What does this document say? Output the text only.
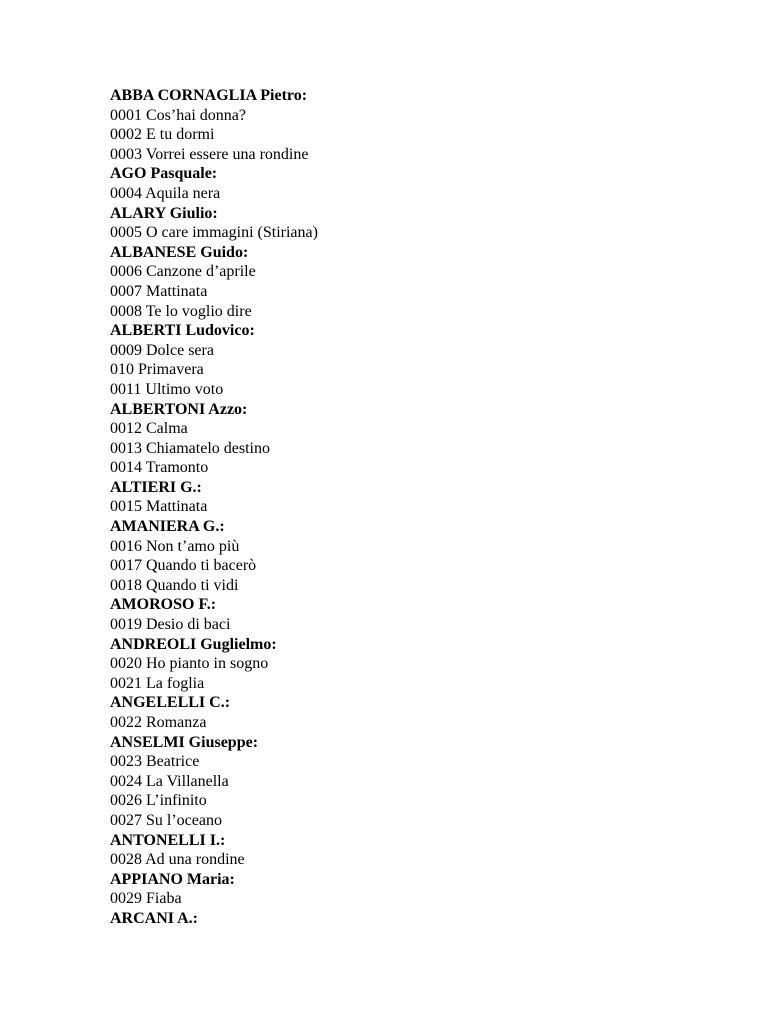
ABBA CORNAGLIA Pietro:
0001 Cos’hai donna?
0002 E tu dormi
0003 Vorrei essere una rondine
AGO Pasquale:
0004 Aquila nera
ALARY Giulio:
0005 O care immagini (Stiriana)
ALBANESE Guido:
0006 Canzone d’aprile
0007 Mattinata
0008 Te lo voglio dire
ALBERTI Ludovico:
0009 Dolce sera
010 Primavera
0011 Ultimo voto
ALBERTONI Azzo:
0012 Calma
0013 Chiamatelo destino
0014 Tramonto
ALTIERI G.:
0015 Mattinata
AMANIERA G.:
0016 Non t’amo più
0017 Quando ti bacerò
0018 Quando ti vidi
AMOROSO F.:
0019 Desio di baci
ANDREOLI Guglielmo:
0020 Ho pianto in sogno
0021 La foglia
ANGELELLI C.:
0022 Romanza
ANSELMI Giuseppe:
0023 Beatrice
0024 La Villanella
0026 L’infinito
0027 Su l’oceano
ANTONELLI I.:
0028 Ad una rondine
APPIANO Maria:
0029 Fiaba
ARCANI A.:
